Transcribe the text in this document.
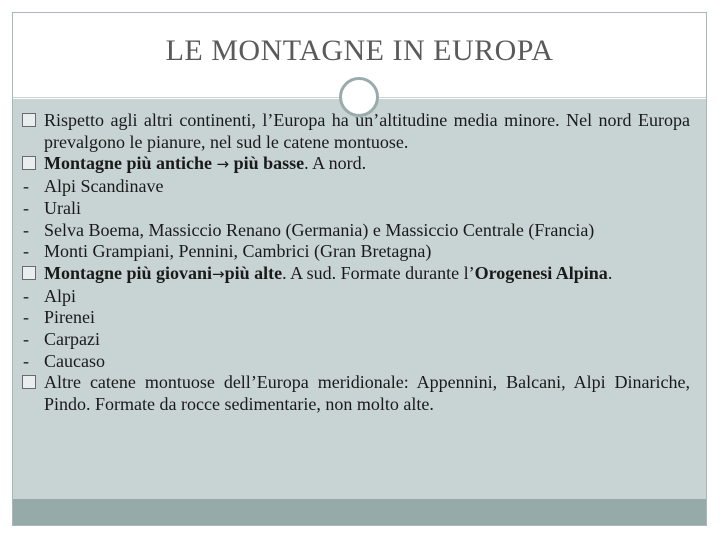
LE MONTAGNE IN EUROPA
Rispetto agli altri continenti, l’Europa ha un’altitudine media minore. Nel nord Europa prevalgono le pianure, nel sud le catene montuose.
Montagne più antiche → più basse. A nord.
- Alpi Scandinave
- Urali
- Selva Boema, Massiccio Renano (Germania) e Massiccio Centrale (Francia)
- Monti Grampiani, Pennini, Cambrici (Gran Bretagna)
Montagne più giovani→più alte. A sud. Formate durante l’Orogenesi Alpina.
- Alpi
- Pirenei
- Carpazi
- Caucaso
Altre catene montuose dell’Europa meridionale: Appennini, Balcani, Alpi Dinariche, Pindo. Formate da rocce sedimentarie, non molto alte.
